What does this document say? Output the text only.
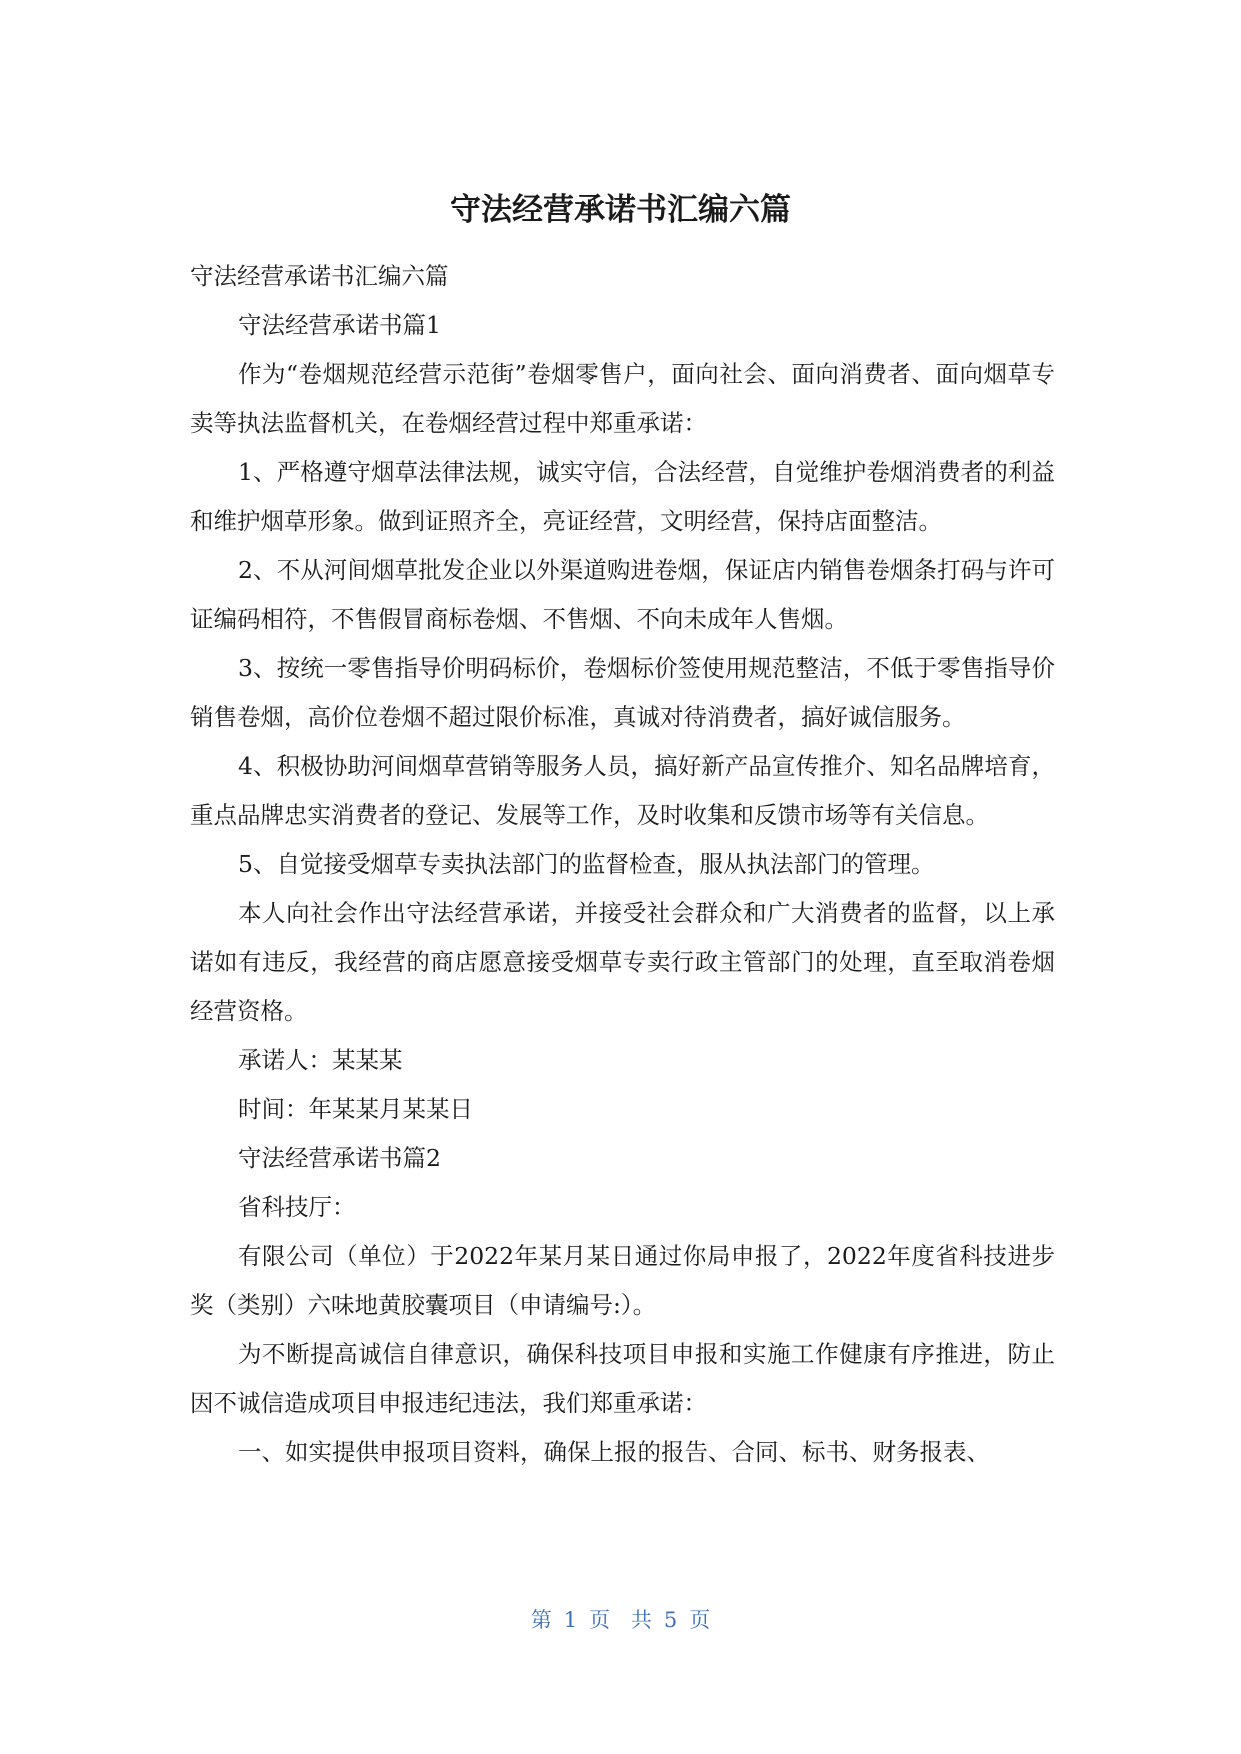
守法经营承诺书汇编六篇

守法经营承诺书汇编六篇

守法经营承诺书篇1

作为“卷烟规范经营示范街”卷烟零售户，面向社会、面向消费者、面向烟草专卖等执法监督机关，在卷烟经营过程中郑重承诺：

1、严格遵守烟草法律法规，诚实守信，合法经营，自觉维护卷烟消费者的利益和维护烟草形象。做到证照齐全，亮证经营，文明经营，保持店面整洁。

2、不从河间烟草批发企业以外渠道购进卷烟，保证店内销售卷烟条打码与许可证编码相符，不售假冒商标卷烟、不售烟、不向未成年人售烟。

3、按统一零售指导价明码标价，卷烟标价签使用规范整洁，不低于零售指导价销售卷烟，高价位卷烟不超过限价标准，真诚对待消费者，搞好诚信服务。

4、积极协助河间烟草营销等服务人员，搞好新产品宣传推介、知名品牌培育，重点品牌忠实消费者的登记、发展等工作，及时收集和反馈市场等有关信息。

5、自觉接受烟草专卖执法部门的监督检查，服从执法部门的管理。

本人向社会作出守法经营承诺，并接受社会群众和广大消费者的监督，以上承诺如有违反，我经营的商店愿意接受烟草专卖行政主管部门的处理，直至取消卷烟经营资格。

承诺人：某某某

时间：年某某月某某日

守法经营承诺书篇2

省科技厅：

有限公司（单位）于2022年某月某日通过你局申报了，2022年度省科技进步奖（类别）六味地黄胶囊项目（申请编号:）。

为不断提高诚信自律意识，确保科技项目申报和实施工作健康有序推进，防止因不诚信造成项目申报违纪违法，我们郑重承诺：

一、如实提供申报项目资料，确保上报的报告、合同、标书、财务报表、

第 1 页 共 5 页
